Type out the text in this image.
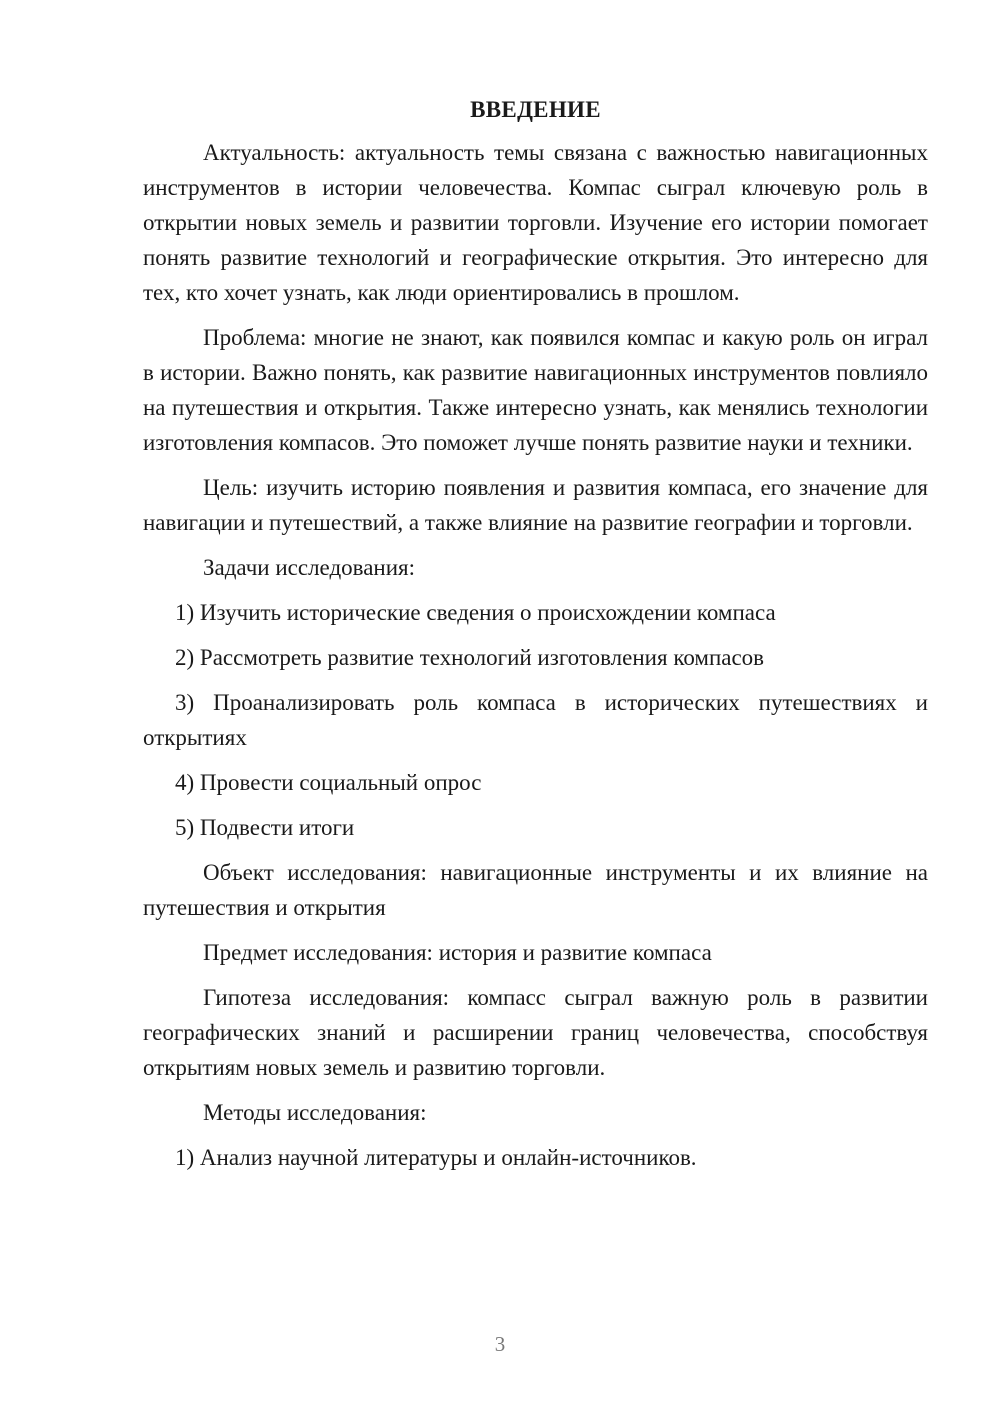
ВВЕДЕНИЕ

Актуальность: актуальность темы связана с важностью навигационных инструментов в истории человечества. Компас сыграл ключевую роль в открытии новых земель и развитии торговли. Изучение его истории помогает понять развитие технологий и географические открытия. Это интересно для тех, кто хочет узнать, как люди ориентировались в прошлом.

Проблема: многие не знают, как появился компас и какую роль он играл в истории. Важно понять, как развитие навигационных инструментов повлияло на путешествия и открытия. Также интересно узнать, как менялись технологии изготовления компасов. Это поможет лучше понять развитие науки и техники.

Цель: изучить историю появления и развития компаса, его значение для навигации и путешествий, а также влияние на развитие географии и торговли.

Задачи исследования:

1) Изучить исторические сведения о происхождении компаса

2) Рассмотреть развитие технологий изготовления компасов

3) Проанализировать роль компаса в исторических путешествиях и открытиях

4) Провести социальный опрос

5) Подвести итоги

Объект исследования: навигационные инструменты и их влияние на путешествия и открытия

Предмет исследования: история и развитие компаса

Гипотеза исследования: компасс сыграл важную роль в развитии географических знаний и расширении границ человечества, способствуя открытиям новых земель и развитию торговли.

Методы исследования:

1) Анализ научной литературы и онлайн-источников.

3
